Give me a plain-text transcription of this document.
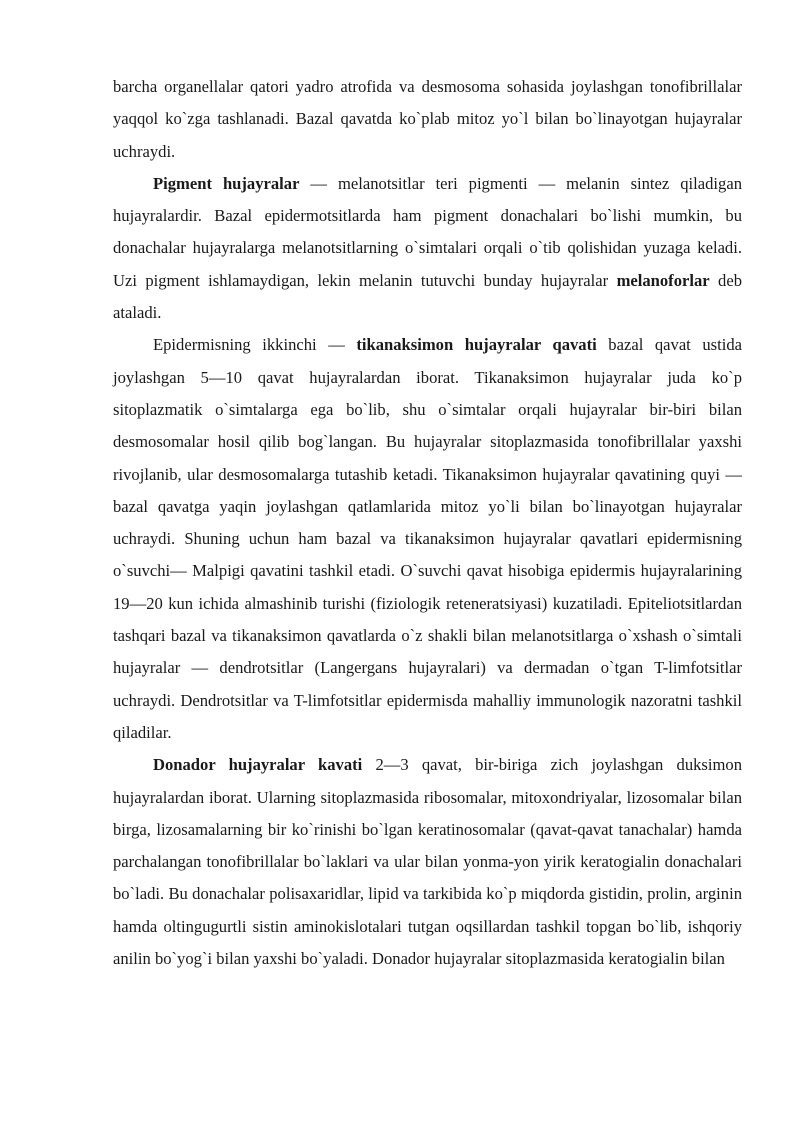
barcha organellalar qatori yadro atrofida va desmosoma sohasida joylashgan tonofibrillalar yaqqol ko`zga tashlanadi. Bazal qavatda ko`plab mitoz yo`l bilan bo`linayotgan hujayralar uchraydi.

Pigment hujayralar — melanotsitlar teri pigmenti — melanin sintez qiladigan hujayralardir. Bazal epidermotsitlarda ham pigment donachalari bo`lishi mumkin, bu donachalar hujayralarga melanotsitlarning o`simtalari orqali o`tib qolishidan yuzaga keladi. Uzi pigment ishlamaydigan, lekin melanin tutuvchi bunday hujayralar melanoforlar deb ataladi.

Epidermisning ikkinchi — tikanaksimon hujayralar qavati bazal qavat ustida joylashgan 5—10 qavat hujayralardan iborat. Tikanaksimon hujayralar juda ko`p sitoplazmatik o`simtalarga ega bo`lib, shu o`simtalar orqali hujayralar bir-biri bilan desmosomalar hosil qilib bog`langan. Bu hujayralar sitoplazmasida tonofibrillalar yaxshi rivojlanib, ular desmosomalarga tutashib ketadi. Tikanaksimon hujayralar qavatining quyi — bazal qavatga yaqin joylashgan qatlamlarida mitoz yo`li bilan bo`linayotgan hujayralar uchraydi. Shuning uchun ham bazal va tikanaksimon hujayralar qavatlari epidermisning o`suvchi— Malpigi qavatini tashkil etadi. O`suvchi qavat hisobiga epidermis hujayralarining 19—20 kun ichida almashinib turishi (fiziologik reteneratsiyasi) kuzatiladi. Epiteliotsitlardan tashqari bazal va tikanaksimon qavatlarda o`z shakli bilan melanotsitlarga o`xshash o`simtali hujayralar — dendrotsitlar (Langergans hujayralari) va dermadan o`tgan T-limfotsitlar uchraydi. Dendrotsitlar va T-limfotsitlar epidermisda mahalliy immunologik nazoratni tashkil qiladilar.

Donador hujayralar kavati 2—3 qavat, bir-biriga zich joylashgan duksimon hujayralardan iborat. Ularning sitoplazmasida ribosomalar, mitoxondriyalar, lizosomalar bilan birga, lizosamalarning bir ko`rinishi bo`lgan keratinosomalar (qavat-qavat tanachalar) hamda parchalangan tonofibrillalar bo`laklari va ular bilan yonma-yon yirik keratogialin donachalari bo`ladi. Bu donachalar polisaxaridlar, lipid va tarkibida ko`p miqdorda gistidin, prolin, arginin hamda oltingugurtli sistin aminokislotalari tutgan oqsillardan tashkil topgan bo`lib, ishqoriy anilin bo`yog`i bilan yaxshi bo`yaladi. Donador hujayralar sitoplazmasida keratogialin bilan
